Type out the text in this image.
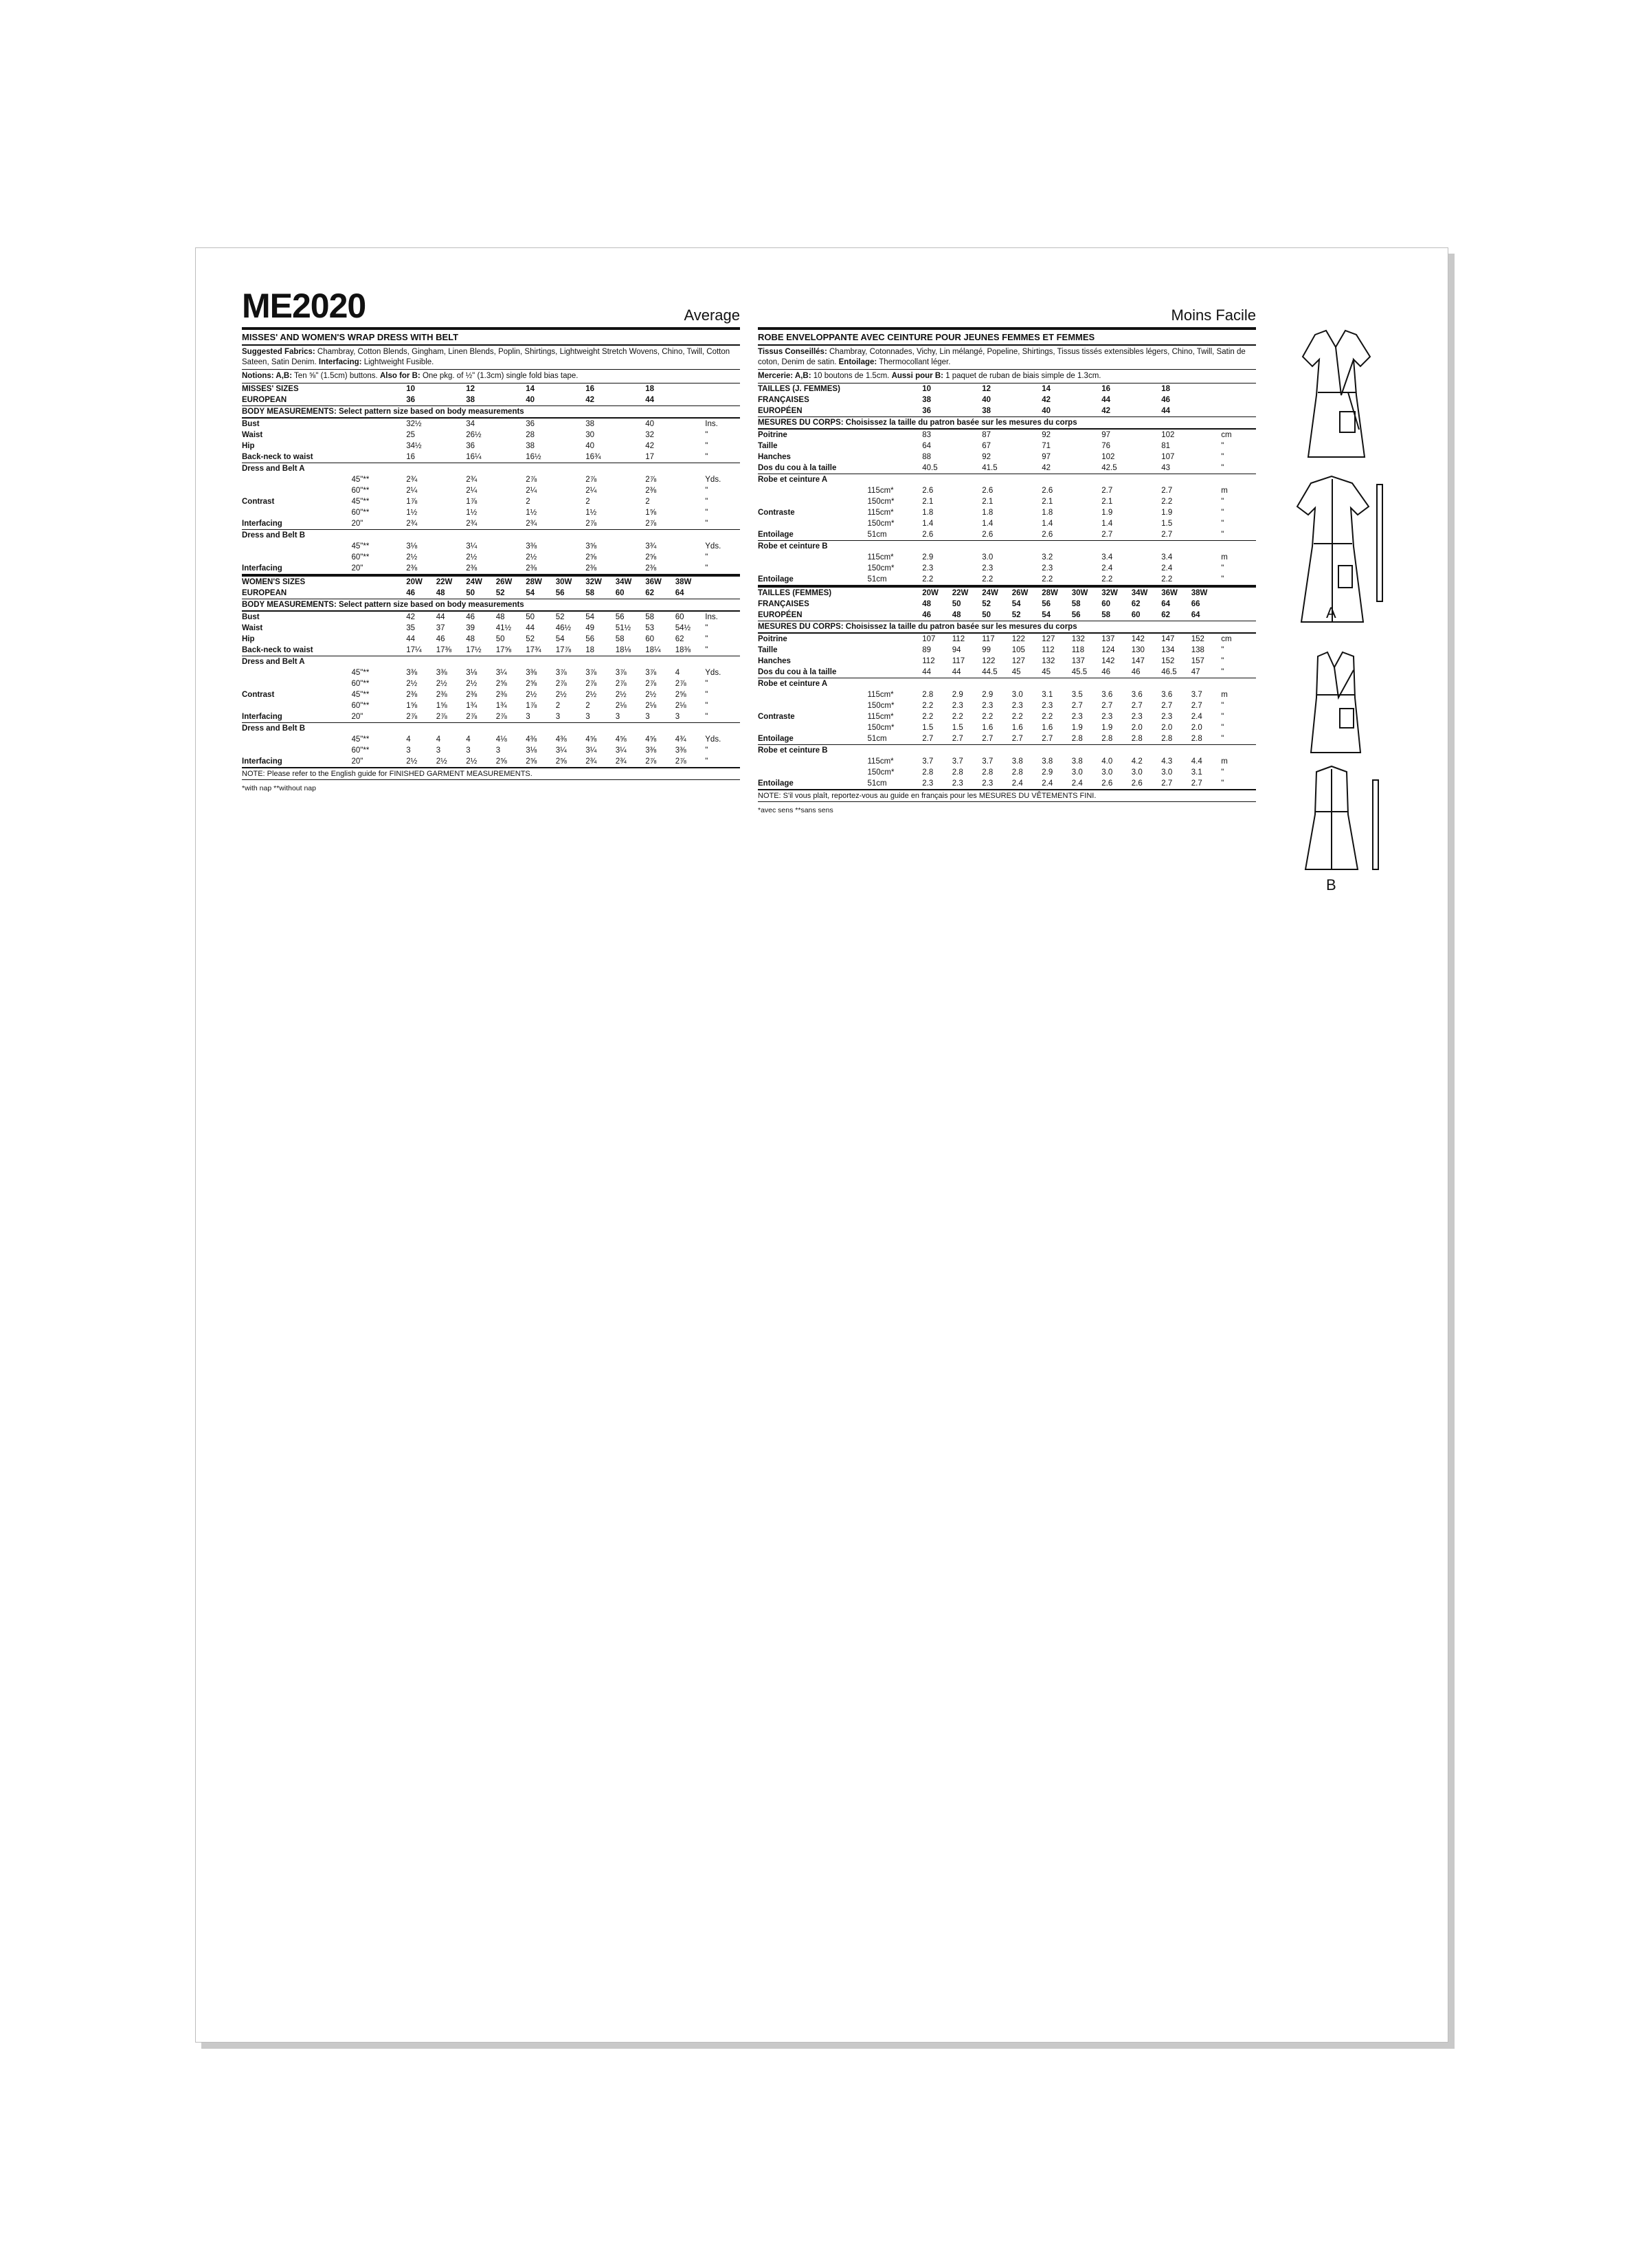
ME2020	Average
MISSES' AND WOMEN'S WRAP DRESS WITH BELT
Suggested Fabrics: Chambray, Cotton Blends, Gingham, Linen Blends, Poplin, Shirtings, Lightweight Stretch Wovens, Chino, Twill, Cotton Sateen, Satin Denim. Interfacing: Lightweight Fusible.
Notions: A,B: Ten ⅝" (1.5cm) buttons. Also for B: One pkg. of ½" (1.3cm) single fold bias tape.
MISSES' SIZES		10	12	14	16	18	
EUROPEAN		36	38	40	42	44	
BODY MEASUREMENTS: Select pattern size based on body measurements
Bust		32½	34	36	38	40	Ins.
Waist		25	26½	28	30	32	"
Hip		34½	36	38	40	42	"
Back-neck to waist		16	16¼	16½	16¾	17	"
Dress and Belt A							
	45"**	2¾	2¾	2⅞	2⅞	2⅞	Yds.
	60"**	2¼	2¼	2¼	2¼	2⅜	"
Contrast	45"**	1⅞	1⅞	2	2	2	"
	60"**	1½	1½	1½	1½	1⅝	"
Interfacing	20"	2¾	2¾	2¾	2⅞	2⅞	"
Dress and Belt B							
	45"**	3⅛	3¼	3⅜	3⅝	3¾	Yds.
	60"**	2½	2½	2½	2⅝	2⅝	"
Interfacing	20"	2⅜	2⅜	2⅜	2⅜	2⅜	"
WOMEN'S SIZES		20W	22W	24W	26W	28W	30W	32W	34W	36W	38W	
EUROPEAN		46	48	50	52	54	56	58	60	62	64	
BODY MEASUREMENTS: Select pattern size based on body measurements
Bust		42	44	46	48	50	52	54	56	58	60	Ins.
Waist		35	37	39	41½	44	46½	49	51½	53	54½	"
Hip		44	46	48	50	52	54	56	58	60	62	"
Back-neck to waist		17¼	17⅜	17½	17⅝	17¾	17⅞	18	18⅛	18¼	18⅜	"
Dress and Belt A												
	45"**	3⅜	3⅜	3⅛	3¼	3⅜	3⅞	3⅞	3⅞	3⅞	4	Yds.
	60"**	2½	2½	2½	2⅝	2⅝	2⅞	2⅞	2⅞	2⅞	2⅞	"
Contrast	45"**	2⅜	2⅜	2⅜	2⅜	2½	2½	2½	2½	2½	2⅝	"
	60"**	1⅝	1⅝	1¾	1¾	1⅞	2	2	2⅛	2⅛	2⅛	"
Interfacing	20"	2⅞	2⅞	2⅞	2⅞	3	3	3	3	3	3	"
Dress and Belt B												
	45"**	4	4	4	4⅛	4⅜	4⅜	4⅝	4⅝	4⅝	4¾	Yds.
	60"**	3	3	3	3	3⅛	3¼	3¼	3¼	3⅜	3⅜	"
Interfacing	20"	2½	2½	2½	2⅝	2⅝	2⅝	2¾	2¾	2⅞	2⅞	"
NOTE: Please refer to the English guide for FINISHED GARMENT MEASUREMENTS.
*with nap **without nap
Moins Facile
ROBE ENVELOPPANTE AVEC CEINTURE POUR JEUNES FEMMES ET FEMMES
Tissus Conseillés: Chambray, Cotonnades, Vichy, Lin mélangé, Popeline, Shirtings, Tissus tissés extensibles légers, Chino, Twill, Satin de coton, Denim de satin. Entoilage: Thermocollant léger.
Mercerie: A,B: 10 boutons de 1.5cm. Aussi pour B: 1 paquet de ruban de biais simple de 1.3cm.
TAILLES (J. FEMMES)		10	12	14	16	18	
FRANÇAISES		38	40	42	44	46	
EUROPÉEN		36	38	40	42	44	
MESURES DU CORPS: Choisissez la taille du patron basée sur les mesures du corps
Poitrine		83	87	92	97	102	cm
Taille		64	67	71	76	81	"
Hanches		88	92	97	102	107	"
Dos du cou à la taille		40.5	41.5	42	42.5	43	"
Robe et ceinture A							
	115cm*	2.6	2.6	2.6	2.7	2.7	m
	150cm*	2.1	2.1	2.1	2.1	2.2	"
Contraste	115cm*	1.8	1.8	1.8	1.9	1.9	"
	150cm*	1.4	1.4	1.4	1.4	1.5	"
Entoilage	51cm	2.6	2.6	2.6	2.7	2.7	"
Robe et ceinture B							
	115cm*	2.9	3.0	3.2	3.4	3.4	m
	150cm*	2.3	2.3	2.3	2.4	2.4	"
Entoilage	51cm	2.2	2.2	2.2	2.2	2.2	"
TAILLES (FEMMES)		20W	22W	24W	26W	28W	30W	32W	34W	36W	38W	
FRANÇAISES		48	50	52	54	56	58	60	62	64	66	
EUROPÉEN		46	48	50	52	54	56	58	60	62	64	
MESURES DU CORPS: Choisissez la taille du patron basée sur les mesures du corps
Poitrine		107	112	117	122	127	132	137	142	147	152	cm
Taille		89	94	99	105	112	118	124	130	134	138	"
Hanches		112	117	122	127	132	137	142	147	152	157	"
Dos du cou à la taille		44	44	44.5	45	45	45.5	46	46	46.5	47	"
Robe et ceinture A												
	115cm*	2.8	2.9	2.9	3.0	3.1	3.5	3.6	3.6	3.6	3.7	m
	150cm*	2.2	2.3	2.3	2.3	2.3	2.7	2.7	2.7	2.7	2.7	"
Contraste	115cm*	2.2	2.2	2.2	2.2	2.2	2.3	2.3	2.3	2.3	2.4	"
	150cm*	1.5	1.5	1.6	1.6	1.6	1.9	1.9	2.0	2.0	2.0	"
Entoilage	51cm	2.7	2.7	2.7	2.7	2.7	2.8	2.8	2.8	2.8	2.8	"
Robe et ceinture B												
	115cm*	3.7	3.7	3.7	3.8	3.8	3.8	4.0	4.2	4.3	4.4	m
	150cm*	2.8	2.8	2.8	2.8	2.9	3.0	3.0	3.0	3.0	3.1	"
Entoilage	51cm	2.3	2.3	2.3	2.4	2.4	2.4	2.6	2.6	2.7	2.7	"
NOTE: S'il vous plaît, reportez-vous au guide en français pour les MESURES DU VÊTEMENTS FINI.
*avec sens **sans sens
A
B
